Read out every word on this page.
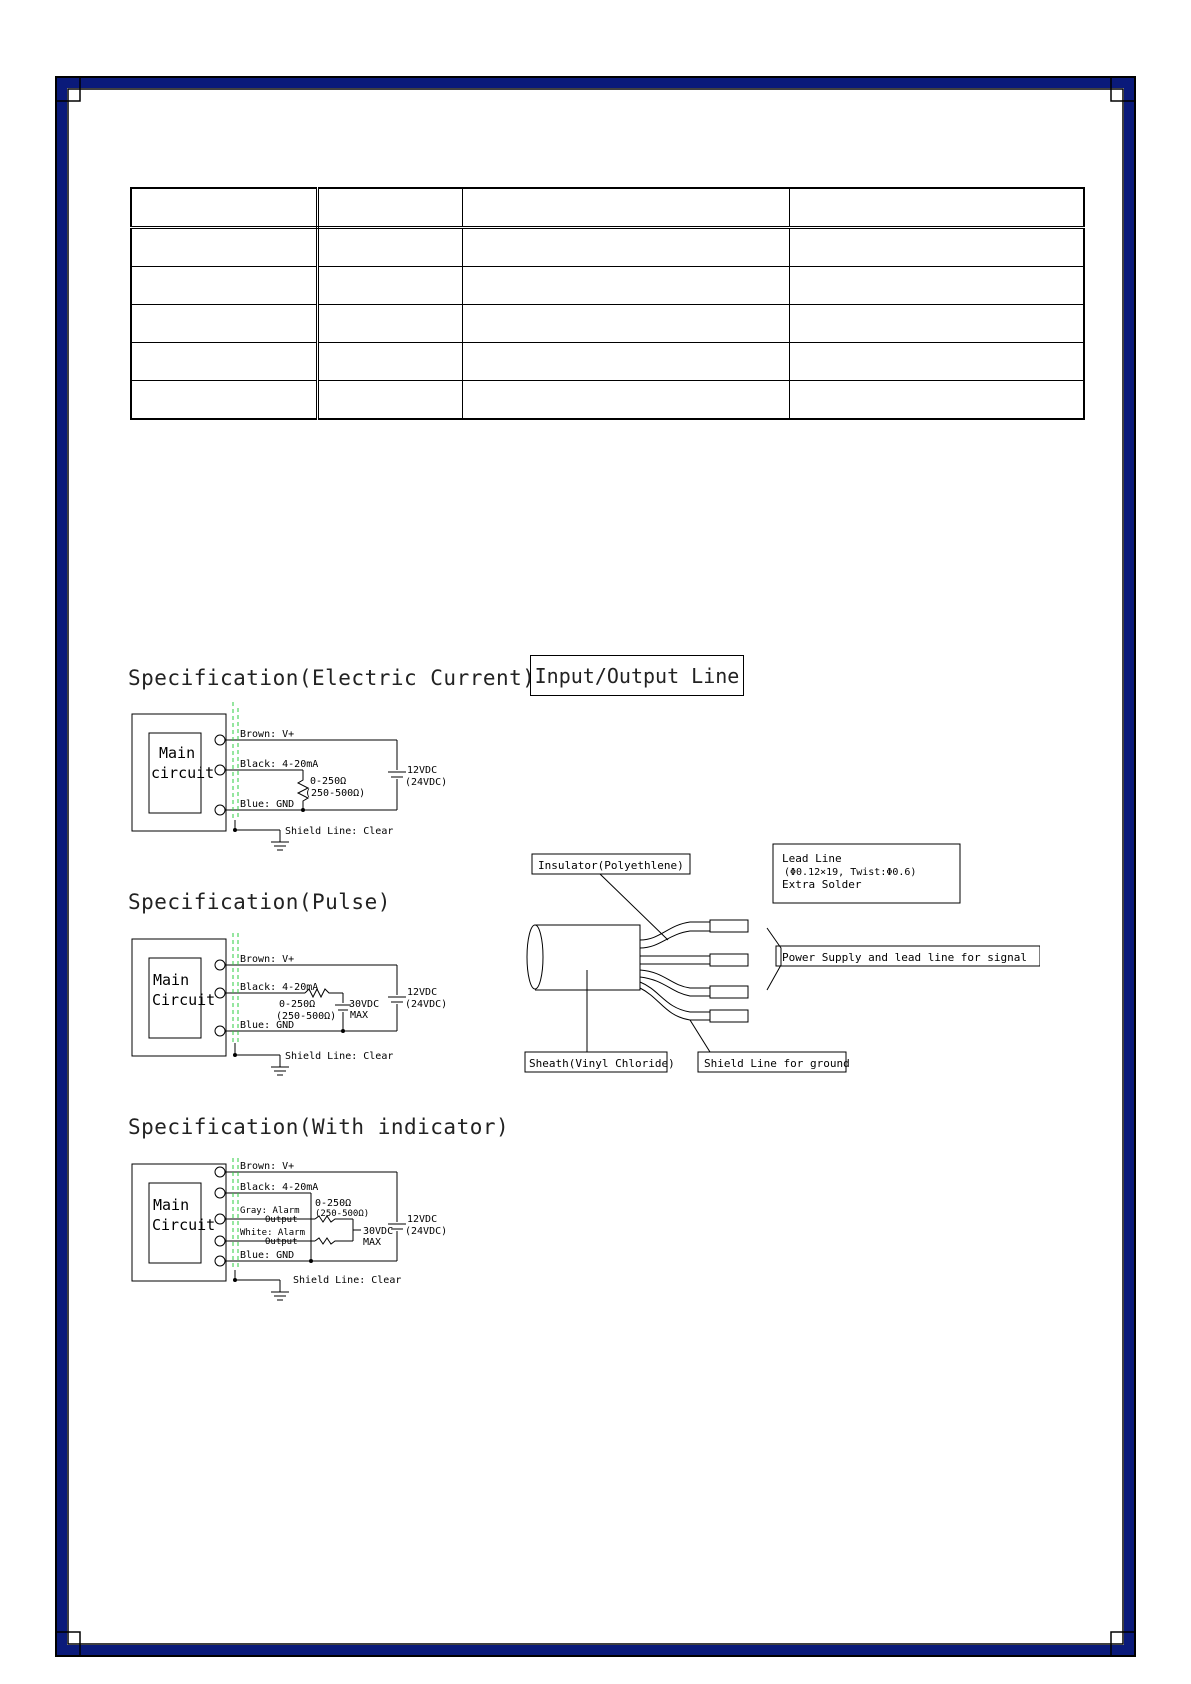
Specification(Electric Current)
Specification(Pulse)
Specification(With indicator)
Input/Output Line
Main
circuit
Brown: V+
Black: 4-20mA
0-250Ω
(250-500Ω)
Blue: GND
12VDC
(24VDC)
Shield Line: Clear
Main
Circuit
Brown: V+
Black: 4-20mA
0-250Ω
(250-500Ω)
30VDC
MAX
Blue: GND
12VDC
(24VDC)
Shield Line: Clear
Main
Circuit
Brown: V+
Black: 4-20mA
0-250Ω
(250-500Ω)
Gray: Alarm
Output
White: Alarm
Output
30VDC
MAX
Blue: GND
12VDC
(24VDC)
Shield Line: Clear
Insulator(Polyethlene)
Lead Line
(Φ0.12×19, Twist:Φ0.6)
Extra Solder
Power Supply and lead line for signal
Sheath(Vinyl Chloride)	Shield Line for ground
